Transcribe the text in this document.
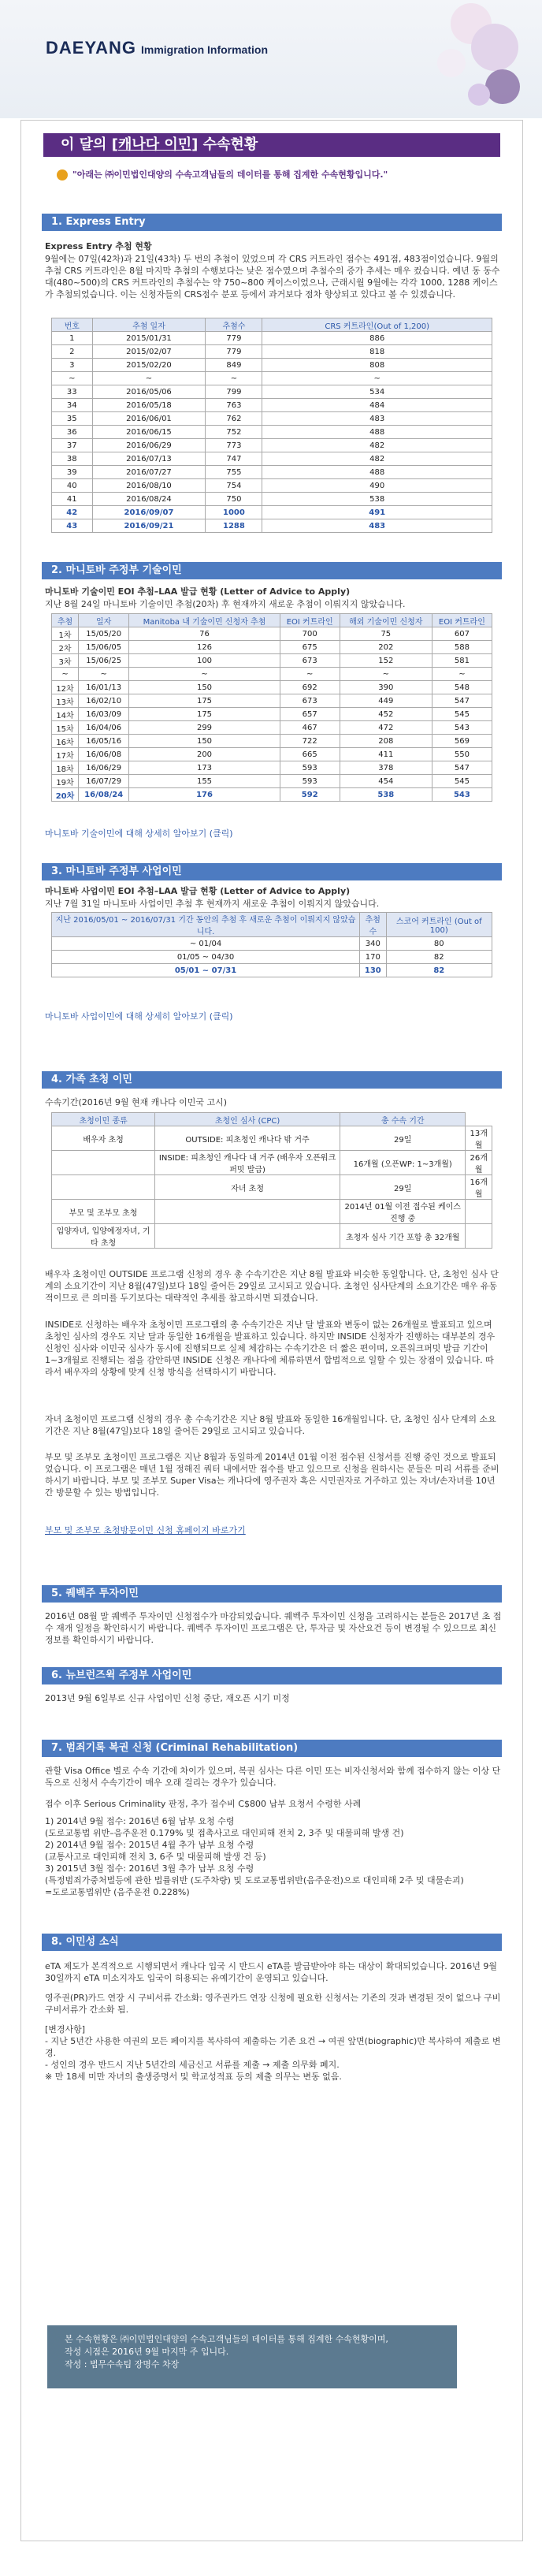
DAEYANG Immigration Information
이 달의 [캐나다 이민] 수속현황
"아래는 ㈜이민법인대양의 수속고객님들의 데이터를 통해 집계한 수속현황입니다."
1. Express Entry
Express Entry 추첨 현황
9월에는 07일(42차)과 21일(43차) 두 번의 추첨이 있었으며 각 CRS 커트라인 점수는 491점, 483점이었습니다. 9월의 추첨 CRS 커트라인은 8월 마지막 추첨의 수행보다는 낮은 점수였으며 추첨수의 증가 추세는 매우 컸습니다. 예년 동 동수대(480~500)의 CRS 커트라인의 추첨수는 약 750~800 케이스이었으나, 근래시월 9월에는 각각 1000, 1288 케이스가 추첨되었습니다. 이는 신청자들의 CRS점수 분포 등에서 과거보다 점차 향상되고 있다고 볼 수 있겠습니다.
번호	추첨 일자	추첨수	CRS 커트라인(Out of 1,200)
1	2015/01/31	779	886
2	2015/02/07	779	818
3	2015/02/20	849	808
~	~	~	~
33	2016/05/06	799	534
34	2016/05/18	763	484
35	2016/06/01	762	483
36	2016/06/15	752	488
37	2016/06/29	773	482
38	2016/07/13	747	482
39	2016/07/27	755	488
40	2016/08/10	754	490
41	2016/08/24	750	538
42	2016/09/07	1000	491
43	2016/09/21	1288	483
2. 마니토바 주정부 기술이민
마니토바 기술이민 EOI 추첨–LAA 발급 현황 (Letter of Advice to Apply)
지난 8월 24일 마니토바 기술이민 추첨(20차) 후 현재까지 새로운 추첨이 이뤄지지 않았습니다.
추첨	일자	Manitoba 내 기술이민 신청자 추첨	EOI 커트라인	해외 기술이민 신청자	EOI 커트라인
1차	15/05/20	76	700	75	607
2차	15/06/05	126	675	202	588
3차	15/06/25	100	673	152	581
~	~	~	~	~	~
12차	16/01/13	150	692	390	548
13차	16/02/10	175	673	449	547
14차	16/03/09	175	657	452	545
15차	16/04/06	299	467	472	543
16차	16/05/16	150	722	208	569
17차	16/06/08	200	665	411	550
18차	16/06/29	173	593	378	547
19차	16/07/29	155	593	454	545
20차	16/08/24	176	592	538	543
마니토바 기술이민에 대해 상세히 알아보기 (클릭)
3. 마니토바 주정부 사업이민
마니토바 사업이민 EOI 추첨–LAA 발급 현황 (Letter of Advice to Apply)
지난 7월 31일 마니토바 사업이민 추첨 후 현재까지 새로운 추첨이 이뤄지지 않았습니다.
지난 2016/05/01 ~ 2016/07/31 기간 동안의 추첨 후 새로운 추첨이 이뤄지지 않았습니다.	추첨수	스코어 커트라인 (Out of 100)
~ 01/04	340	80
01/05 ~ 04/30	170	82
05/01 ~ 07/31	130	82
마니토바 사업이민에 대해 상세히 알아보기 (클릭)
4. 가족 초청 이민
수속기간(2016년 9월 현재 캐나다 이민국 고시)
초청이민 종류	초청인 심사 (CPC)	총 수속 기간	
배우자 초청	OUTSIDE: 피초청인 캐나다 밖 거주	29일	13개월
	INSIDE: 피초청인 캐나다 내 거주 (배우자 오픈워크퍼밋 발급)	16개월 (오픈WP: 1~3개월)	26개월
	자녀 초청	29일	16개월
부모 및 조부모 초청		2014년 01월 이전 접수된 케이스 진행 중	
입양자녀, 입양예정자녀, 기타 초청		초청자 심사 기간 포함 총 32개월	
배우자 초청이민 OUTSIDE 프로그램 신청의 경우 총 수속기간은 지난 8월 발표와 비슷한 동일합니다. 단, 초청인 심사 단계의 소요기간이 지난 8월(47일)보다 18일 줄어든 29일로 고시되고 있습니다. 초청인 심사단계의 소요기간은 매우 유동적이므로 큰 의미를 두기보다는 대략적인 추세를 참고하시면 되겠습니다.
INSIDE로 신청하는 배우자 초청이민 프로그램의 총 수속기간은 지난 달 발표와 변동이 없는 26개월로 발표되고 있으며 초청인 심사의 경우도 지난 달과 동일한 16개월을 발표하고 있습니다. 하지만 INSIDE 신청자가 진행하는 대부분의 경우 신청인 심사와 이민국 심사가 동시에 진행되므로 실제 체감하는 수속기간은 더 짧은 편이며, 오픈워크퍼밋 발급 기간이 1~3개월로 진행되는 점을 감안하면 INSIDE 신청은 캐나다에 체류하면서 합법적으로 일할 수 있는 장점이 있습니다. 따라서 배우자의 상황에 맞게 신청 방식을 선택하시기 바랍니다.
자녀 초청이민 프로그램 신청의 경우 총 수속기간은 지난 8월 발표와 동일한 16개월입니다. 단, 초청인 심사 단계의 소요기간은 지난 8월(47일)보다 18일 줄어든 29일로 고시되고 있습니다.
부모 및 조부모 초청이민 프로그램은 지난 8월과 동일하게 2014년 01월 이전 접수된 신청서를 진행 중인 것으로 발표되었습니다. 이 프로그램은 매년 1월 정해진 쿼터 내에서만 접수를 받고 있으므로 신청을 원하시는 분들은 미리 서류를 준비하시기 바랍니다. 부모 및 조부모 Super Visa는 캐나다에 영주권자 혹은 시민권자로 거주하고 있는 자녀/손자녀를 10년간 방문할 수 있는 방법입니다.
부모 및 조부모 초청방문이민 신청 홈페이지 바로가기
5. 퀘벡주 투자이민
2016년 08월 말 퀘벡주 투자이민 신청접수가 마감되었습니다. 퀘벡주 투자이민 신청을 고려하시는 분들은 2017년 초 접수 재개 일정을 확인하시기 바랍니다. 퀘벡주 투자이민 프로그램은 단, 투자금 및 자산요건 등이 변경될 수 있으므로 최신 정보를 확인하시기 바랍니다.
6. 뉴브런즈윅 주정부 사업이민
2013년 9월 6일부로 신규 사업이민 신청 중단, 재오픈 시기 미정
7. 범죄기록 복권 신청 (Criminal Rehabilitation)
관할 Visa Office 별로 수속 기간에 차이가 있으며, 복권 심사는 다른 이민 또는 비자신청서와 함께 접수하지 않는 이상 단독으로 신청서 수속기간이 매우 오래 걸리는 경우가 있습니다.
접수 이후 Serious Criminality 판정, 추가 접수비 C$800 납부 요청서 수령한 사례
1) 2014년 9월 접수: 2016년 6월 납부 요청 수령
(도로교통법 위반–음주운전 0.179% 및 접촉사고로 대인피해 전치 2, 3주 및 대물피해 발생 건)
2) 2014년 9월 접수: 2015년 4월 추가 납부 요청 수령
(교통사고로 대인피해 전치 3, 6주 및 대물피해 발생 건 등)
3) 2015년 3월 접수: 2016년 3월 추가 납부 요청 수령
(특정범죄가중처벌등에 관한 법률위반 (도주차량) 및 도로교통법위반(음주운전)으로 대인피해 2주 및 대물손괴)
=도로교통법위반 (음주운전 0.228%)
8. 이민성 소식
eTA 제도가 본격적으로 시행되면서 캐나다 입국 시 반드시 eTA를 발급받아야 하는 대상이 확대되었습니다. 2016년 9월 30일까지 eTA 미소지자도 입국이 허용되는 유예기간이 운영되고 있습니다.
영주권(PR)카드 연장 시 구비서류 간소화: 영주권카드 연장 신청에 필요한 신청서는 기존의 것과 변경된 것이 없으나 구비 구비서류가 간소화 됨.
[변경사항]
- 지난 5년간 사용한 여권의 모든 페이지를 복사하여 제출하는 기존 요건 → 여권 앞면(biographic)만 복사하여 제출로 변경.
- 성인의 경우 반드시 지난 5년간의 세금신고 서류를 제출 → 제출 의무화 폐지.
※ 만 18세 미만 자녀의 출생증명서 및 학교성적표 등의 제출 의무는 변동 없음.
본 수속현황은 ㈜이민법인대양의 수속고객님들의 데이터를 통해 집계한 수속현황이며,
작성 시점은 2016년 9월 마지막 주 입니다.
작성 : 법무수속팀 장명수 차장
